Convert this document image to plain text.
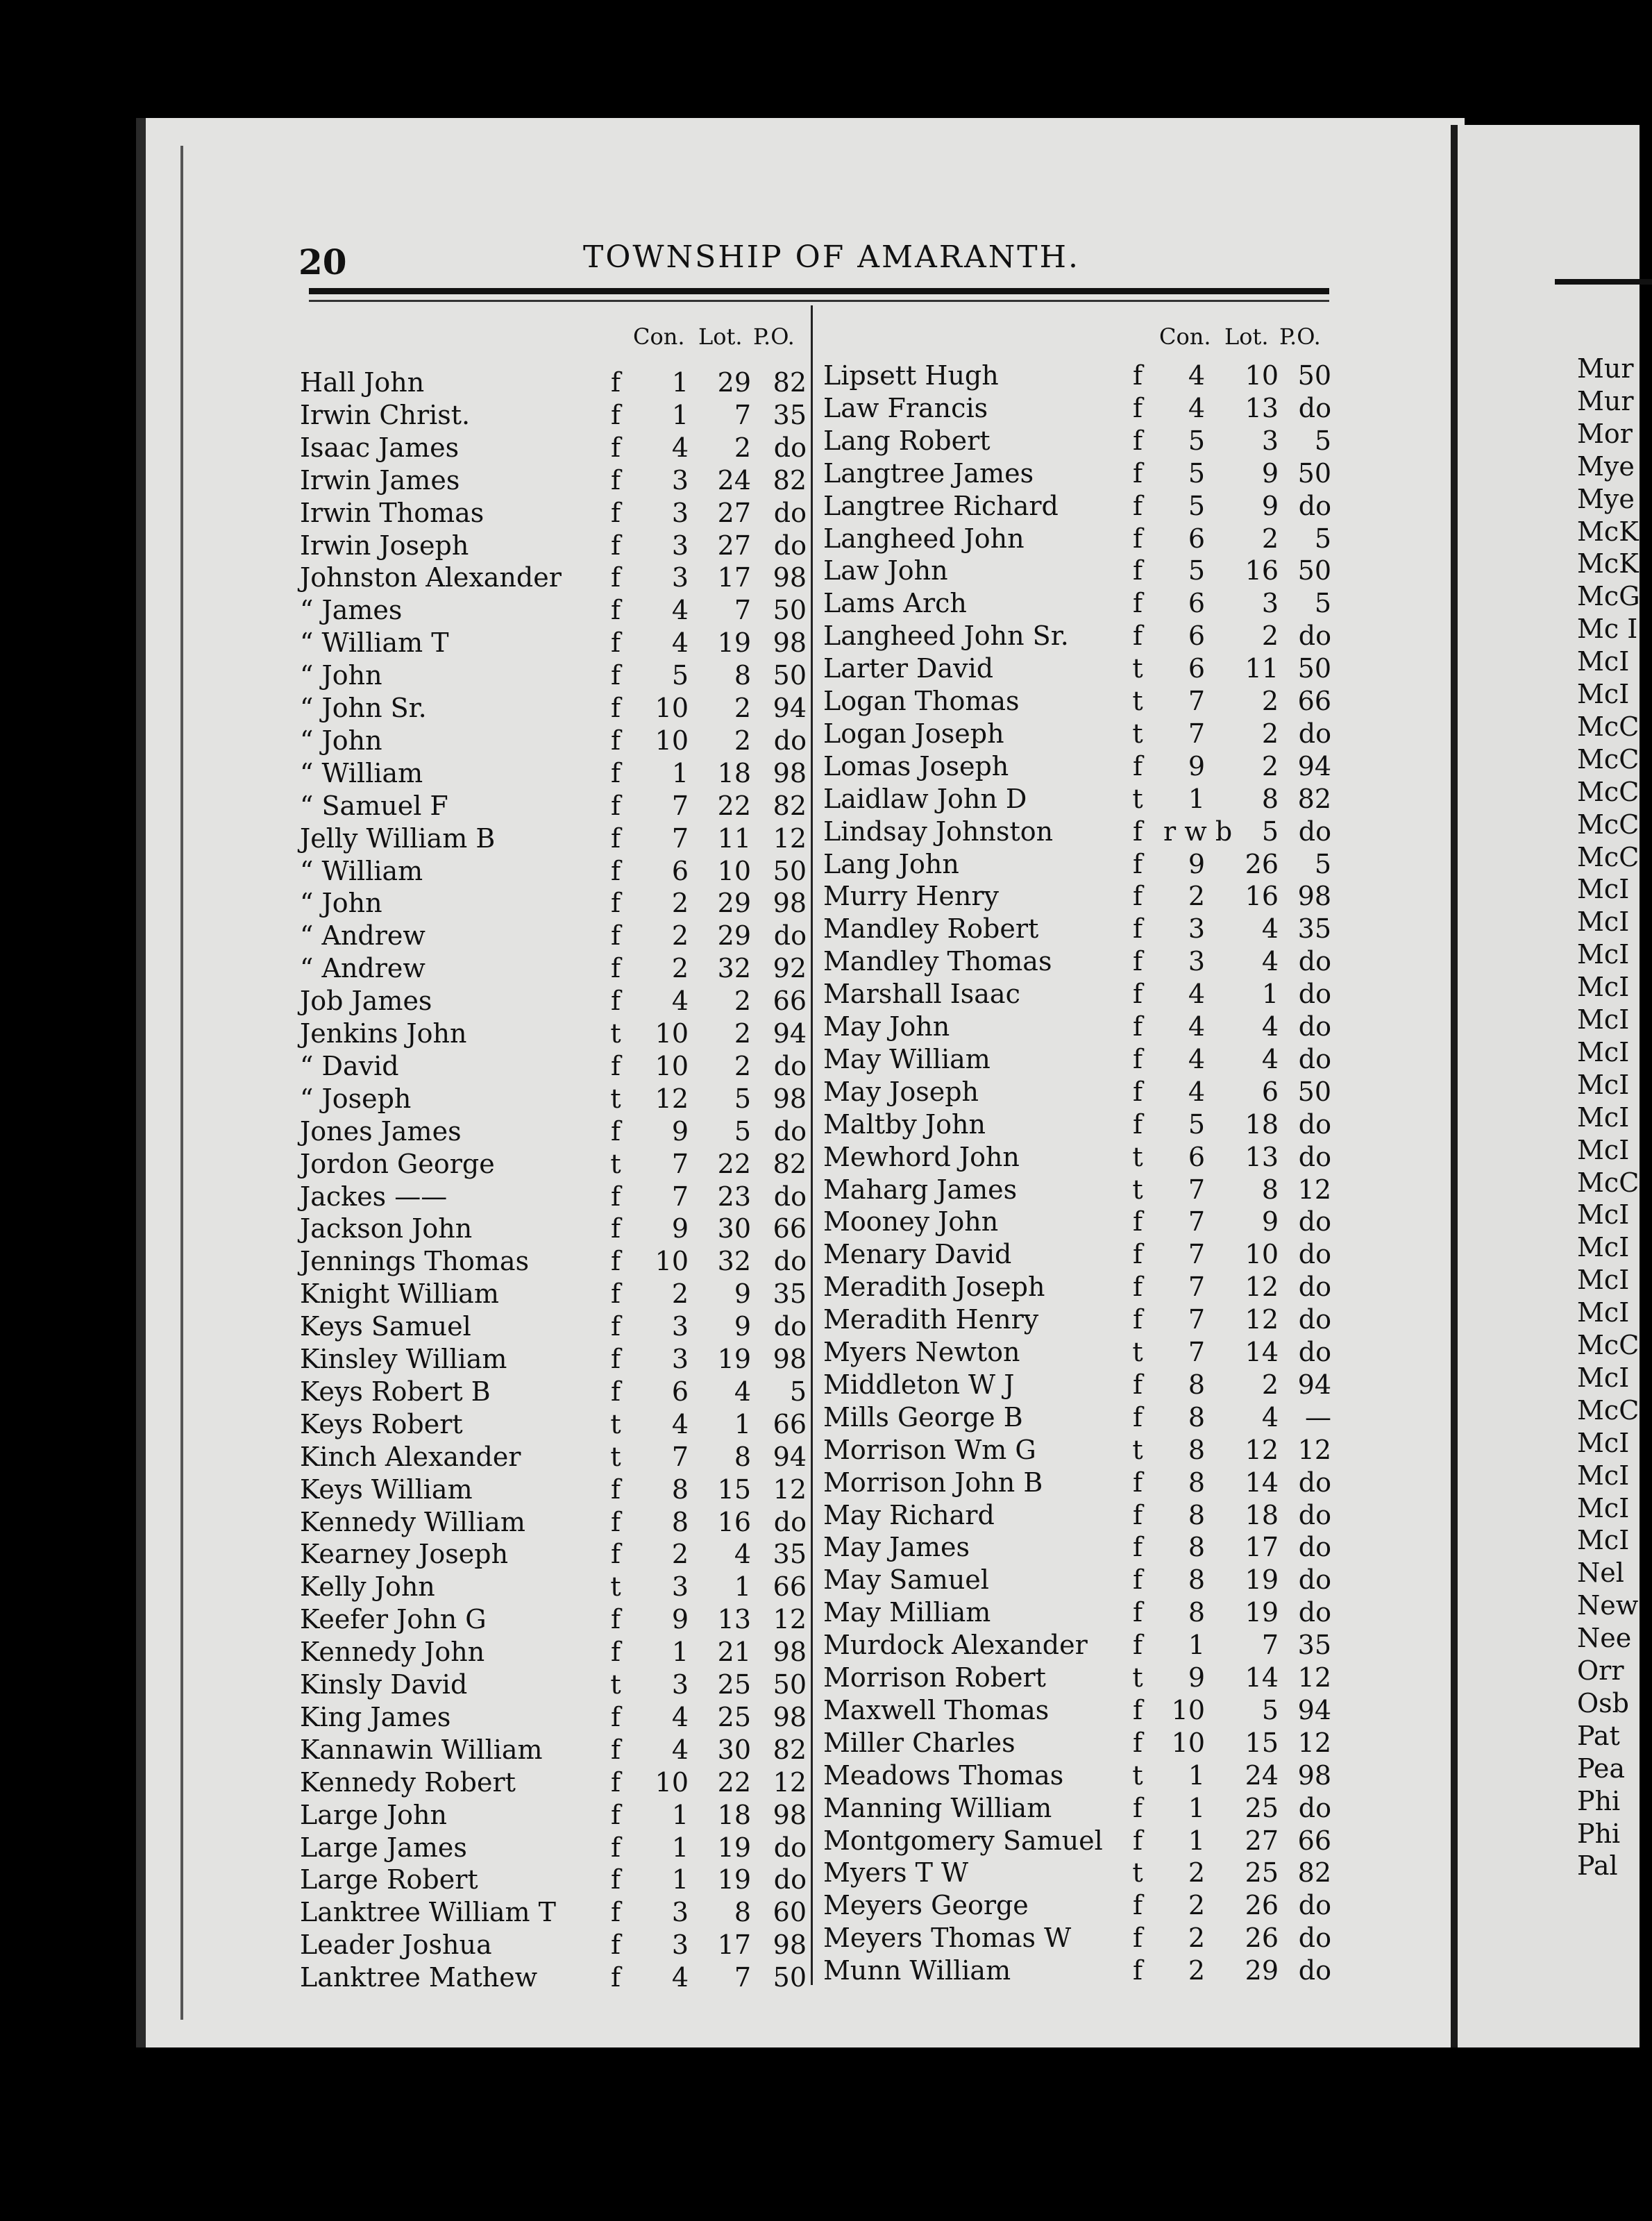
20	TOWNSHIP OF AMARANTH.
Con. Lot. P.O.	Con. Lot. P.O.
Hall John	f	1	29 82
Irwin Christ.	f	1	7 35
Isaac James	f	4	2 do
Irwin James	f	3	24 82
Irwin Thomas	f	3	27 do
Irwin Joseph	f	3	27 do
Johnston Alexander f	3	17 98
“ James	f	4	7 50
“ William T	f	4	19 98
“ John	f	5	8 50
“ John Sr.	f	10	2 94
“ John	f	10	2 do
“ William	f	1	18 98
“ Samuel F	f	7	22 82
Jelly William B	f	7	11 12
“ William	f	6	10 50
“ John	f	2	29 98
“ Andrew	f	2	29 do
“ Andrew	f	2	32 92
Job James	f	4	2 66
Jenkins John	t	10	2 94
“ David	f	10	2 do
“ Joseph	t	12	5 98
Jones James	f	9	5 do
Jordon George	t	7	22 82
Jackes ——	f	7	23 do
Jackson John	f	9	30 66
Jennings Thomas	f	10	32 do
Knight William	f	2	9 35
Keys Samuel	f	3	9 do
Kinsley William	f	3	19 98
Keys Robert B	f	6	4	5
Keys Robert	t	4	1 66
Kinch Alexander	t	7	8 94
Keys William	f	8	15 12
Kennedy William	f	8	16 do
Kearney Joseph	f	2	4 35
Kelly John	t	3	1 66
Keefer John G	f	9	13 12
Kennedy John	f	1	21 98
Kinsly David	t	3	25 50
King James	f	4	25 98
Kannawin William	f	4	30 82
Kennedy Robert	f	10	22 12
Large John	f	1	18 98
Large James	f	1	19 do
Large Robert	f	1	19 do
Lanktree William T f	3	8 60
Leader Joshua	f	3	17 98
Lanktree Mathew	f	4	7 50
Lipsett Hugh	f	4	10 50
Law Francis	f	4	13 do
Lang Robert	f	5	3	5
Langtree James	f	5	9 50
Langtree Richard	f	5	9 do
Langheed John	f	6	2	5
Law John	f	5	16 50
Lams Arch	f	6	3	5
Langheed John Sr. f	6	2 do
Larter David	t	6	11 50
Logan Thomas	t	7	2 66
Logan Joseph	t	7	2 do
Lomas Joseph	f	9	2 94
Laidlaw John D	t	1	8 82
Lindsay Johnston	f r w b	5 do
Lang John	f	9	26	5
Murry Henry	f	2	16 98
Mandley Robert	f	3	4 35
Mandley Thomas	f	3	4 do
Marshall Isaac	f	4	1 do
May John	f	4	4 do
May William	f	4	4 do
May Joseph	f	4	6 50
Maltby John	f	5	18 do
Mewhord John	t	6	13 do
Maharg James	t	7	8 12
Mooney John	f	7	9 do
Menary David	f	7	10 do
Meradith Joseph	f	7	12 do
Meradith Henry	f	7	12 do
Myers Newton	t	7	14 do
Middleton W J	f	8	2 94
Mills George B	f	8	4	—
Morrison Wm G	t	8	12 12
Morrison John B	f	8	14 do
May Richard	f	8	18 do
May James	f	8	17 do
May Samuel	f	8	19 do
May Milliam	f	8	19 do
Murdock Alexander f	1	7 35
Morrison Robert	t	9	14 12
Maxwell Thomas	f	10	5 94
Miller Charles	f	10	15 12
Meadows Thomas	t	1	24 98
Manning William	f	1	25 do
Montgomery Samuel f	1	27 66
Myers T W	t	2	25 82
Meyers George	f	2	26 do
Meyers Thomas W f	2	26 do
Munn William	f	2	29 do
Mur
Mur
Mor
Mye
Mye
McK
McK
McG
Mc I
McI
McI
McC
McC
McC
McC
McC
McI
McI
McI
McI
McI
McI
McI
McI
McI
McC
McI
McI
McI
McI
McC
McI
McC
McI
McI
McI
McI
Nel
New
Nee
Orr
Osb
Pat
Pea
Phi
Phi
Pal
